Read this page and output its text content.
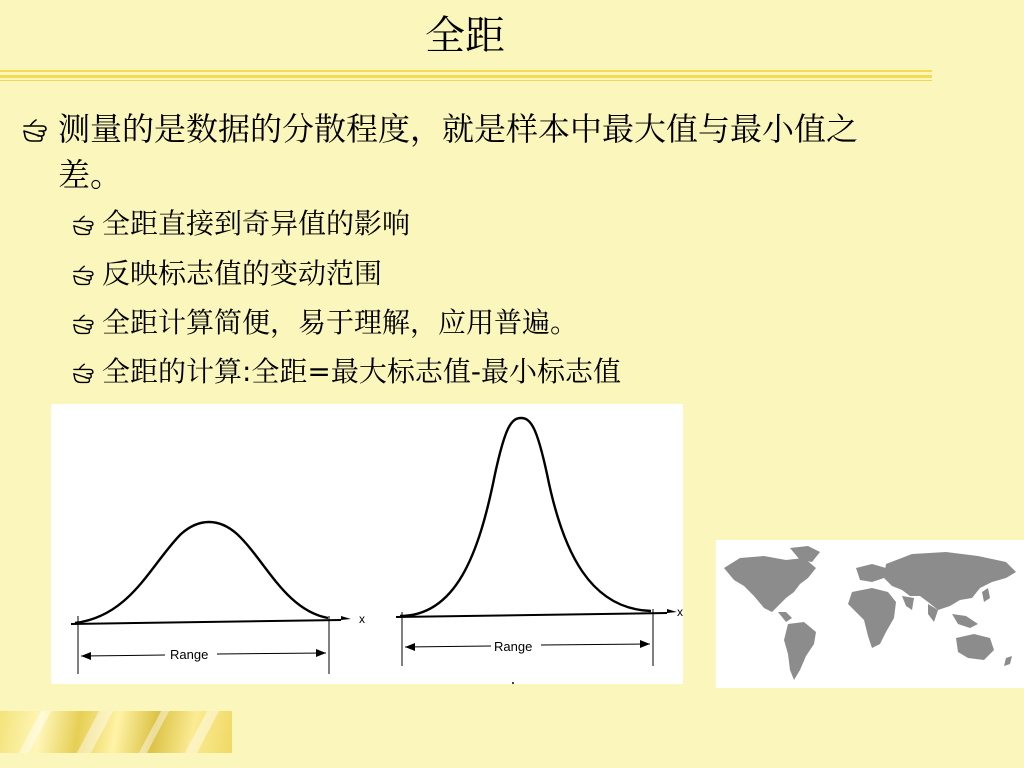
全距
测量的是数据的分散程度，就是样本中最大值与最小值之差。
全距直接到奇异值的影响
反映标志值的变动范围
全距计算简便，易于理解，应用普遍。
全距的计算:全距=最大标志值-最小标志值
x
Range
x
Range
